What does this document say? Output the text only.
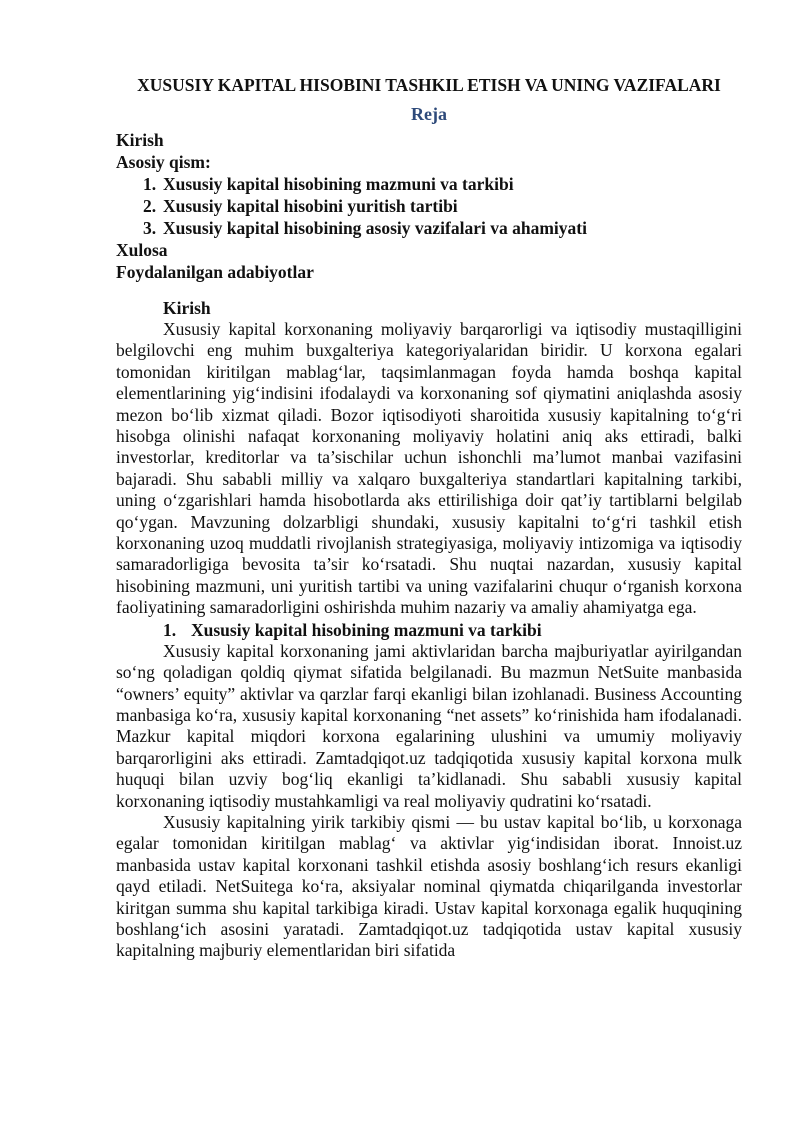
XUSUSIY KAPITAL HISOBINI TASHKIL ETISH VA UNING VAZIFALARI
Reja
Kirish
Asosiy qism:
1. Xususiy kapital hisobining mazmuni va tarkibi
2. Xususiy kapital hisobini yuritish tartibi
3. Xususiy kapital hisobining asosiy vazifalari va ahamiyati
Xulosa
Foydalanilgan adabiyotlar
Kirish

Xususiy kapital korxonaning moliyaviy barqarorligi va iqtisodiy mustaqilligini belgilovchi eng muhim buxgalteriya kategoriyalaridan biridir. U korxona egalari tomonidan kiritilgan mablag‘lar, taqsimlanmagan foyda hamda boshqa kapital elementlarining yig‘indisini ifodalaydi va korxonaning sof qiymatini aniqlashda asosiy mezon bo‘lib xizmat qiladi. Bozor iqtisodiyoti sharoitida xususiy kapitalning to‘g‘ri hisobga olinishi nafaqat korxonaning moliyaviy holatini aniq aks ettiradi, balki investorlar, kreditorlar va ta’sischilar uchun ishonchli ma’lumot manbai vazifasini bajaradi. Shu sababli milliy va xalqaro buxgalteriya standartlari kapitalning tarkibi, uning o‘zgarishlari hamda hisobotlarda aks ettirilishiga doir qat’iy tartiblarni belgilab qo‘ygan. Mavzuning dolzarbligi shundaki, xususiy kapitalni to‘g‘ri tashkil etish korxonaning uzoq muddatli rivojlanish strategiyasiga, moliyaviy intizomiga va iqtisodiy samaradorligiga bevosita ta’sir ko‘rsatadi. Shu nuqtai nazardan, xususiy kapital hisobining mazmuni, uni yuritish tartibi va uning vazifalarini chuqur o‘rganish korxona faoliyatining samaradorligini oshirishda muhim nazariy va amaliy ahamiyatga ega.

1. Xususiy kapital hisobining mazmuni va tarkibi

Xususiy kapital korxonaning jami aktivlaridan barcha majburiyatlar ayirilgandan so‘ng qoladigan qoldiq qiymat sifatida belgilanadi. Bu mazmun NetSuite manbasida “owners’ equity” aktivlar va qarzlar farqi ekanligi bilan izohlanadi. Business Accounting manbasiga ko‘ra, xususiy kapital korxonaning “net assets” ko‘rinishida ham ifodalanadi. Mazkur kapital miqdori korxona egalarining ulushini va umumiy moliyaviy barqarorligini aks ettiradi. Zamtadqiqot.uz tadqiqotida xususiy kapital korxona mulk huquqi bilan uzviy bog‘liq ekanligi ta’kidlanadi. Shu sababli xususiy kapital korxonaning iqtisodiy mustahkamligi va real moliyaviy qudratini ko‘rsatadi.

Xususiy kapitalning yirik tarkibiy qismi — bu ustav kapital bo‘lib, u korxonaga egalar tomonidan kiritilgan mablag‘ va aktivlar yig‘indisidan iborat. Innoist.uz manbasida ustav kapital korxonani tashkil etishda asosiy boshlang‘ich resurs ekanligi qayd etiladi. NetSuitega ko‘ra, aksiyalar nominal qiymatda chiqarilganda investorlar kiritgan summa shu kapital tarkibiga kiradi. Ustav kapital korxonaga egalik huquqining boshlang‘ich asosini yaratadi. Zamtadqiqot.uz tadqiqotida ustav kapital xususiy kapitalning majburiy elementlaridan biri sifatida
